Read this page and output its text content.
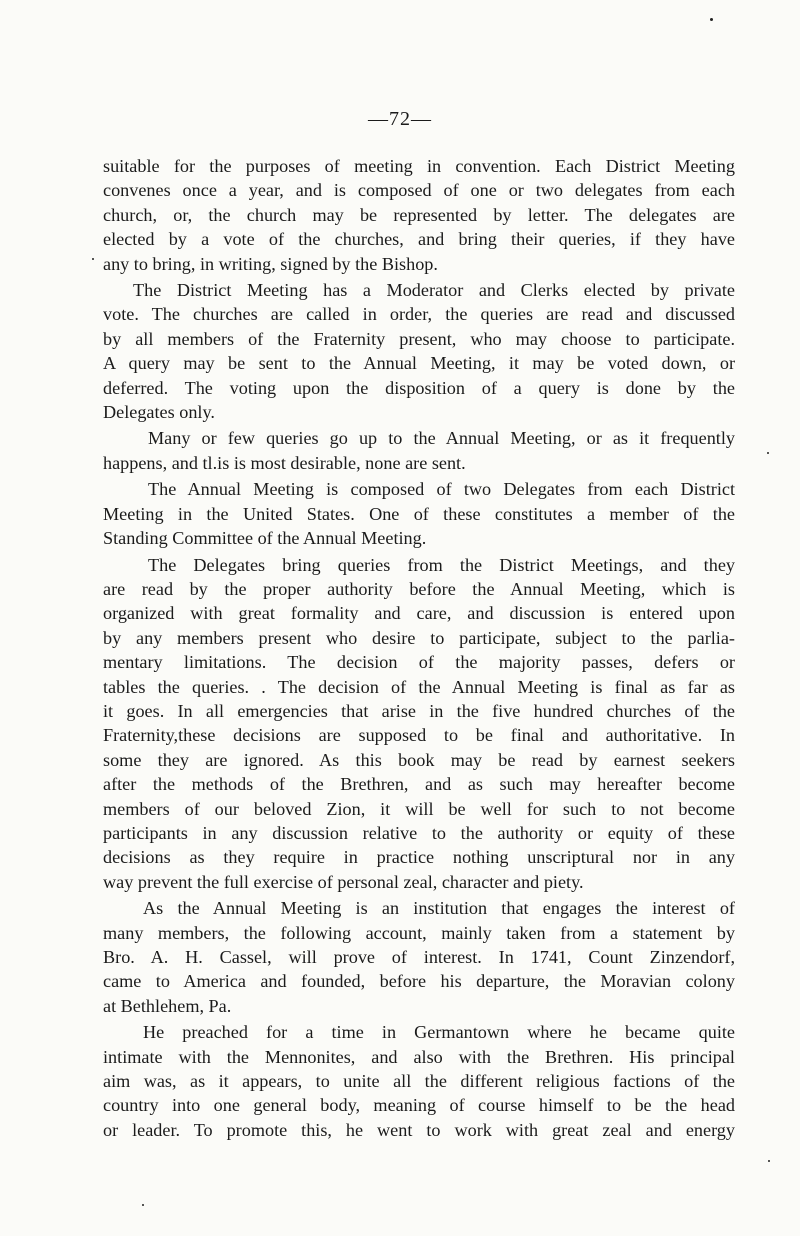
—72—

suitable for the purposes of meeting in convention. Each District Meeting
convenes once a year, and is composed of one or two delegates from each
church, or, the church may be represented by letter. The delegates are
elected by a vote of the churches, and bring their queries, if they have
any to bring, in writing, signed by the Bishop.

The District Meeting has a Moderator and Clerks elected by private
vote. The churches are called in order, the queries are read and discussed
by all members of the Fraternity present, who may choose to participate.
A query may be sent to the Annual Meeting, it may be voted down, or
deferred. The voting upon the disposition of a query is done by the
Delegates only.

Many or few queries go up to the Annual Meeting, or as it frequently
happens, and tl.is is most desirable, none are sent.

The Annual Meeting is composed of two Delegates from each District
Meeting in the United States. One of these constitutes a member of the
Standing Committee of the Annual Meeting.

The Delegates bring queries from the District Meetings, and they
are read by the proper authority before the Annual Meeting, which is
organized with great formality and care, and discussion is entered upon
by any members present who desire to participate, subject to the parlia-
mentary limitations. The decision of the majority passes, defers or
tables the queries. . The decision of the Annual Meeting is final as far as
it goes. In all emergencies that arise in the five hundred churches of the
Fraternity,these decisions are supposed to be final and authoritative. In
some they are ignored. As this book may be read by earnest seekers
after the methods of the Brethren, and as such may hereafter become
members of our beloved Zion, it will be well for such to not become
participants in any discussion relative to the authority or equity of these
decisions as they require in practice nothing unscriptural nor in any
way prevent the full exercise of personal zeal, character and piety.

As the Annual Meeting is an institution that engages the interest of
many members, the following account, mainly taken from a statement by
Bro. A. H. Cassel, will prove of interest. In 1741, Count Zinzendorf,
came to America and founded, before his departure, the Moravian colony
at Bethlehem, Pa.

He preached for a time in Germantown where he became quite
intimate with the Mennonites, and also with the Brethren. His principal
aim was, as it appears, to unite all the different religious factions of the
country into one general body, meaning of course himself to be the head
or leader. To promote this, he went to work with great zeal and energy
